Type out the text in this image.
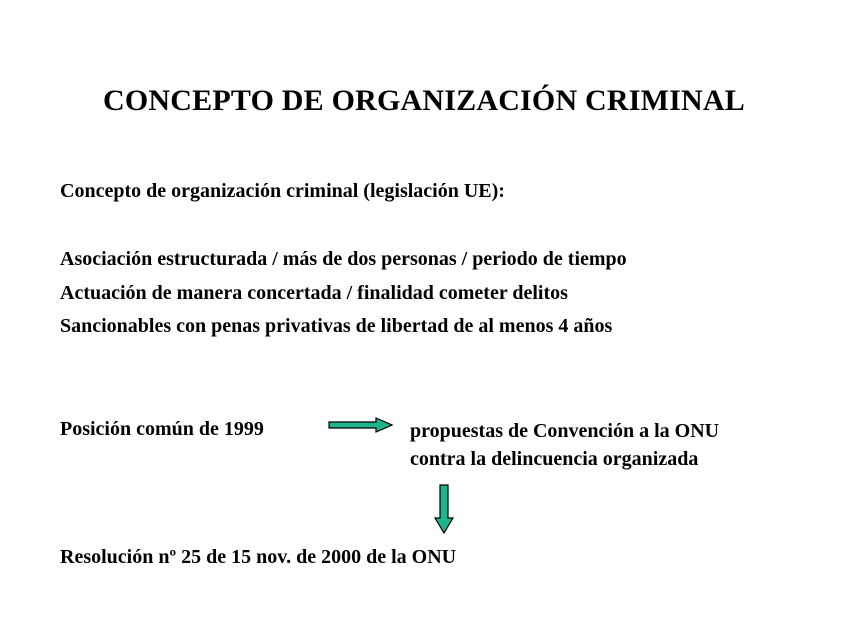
CONCEPTO DE ORGANIZACIÓN CRIMINAL
Concepto de organización criminal (legislación UE):
Asociación estructurada / más de dos personas / periodo de tiempo
Actuación de manera concertada / finalidad cometer delitos
Sancionables con penas privativas de libertad de al menos 4 años
Posición común de 1999	propuestas de Convención a la ONU
contra la delincuencia organizada
Resolución nº 25 de 15 nov. de 2000 de la ONU
